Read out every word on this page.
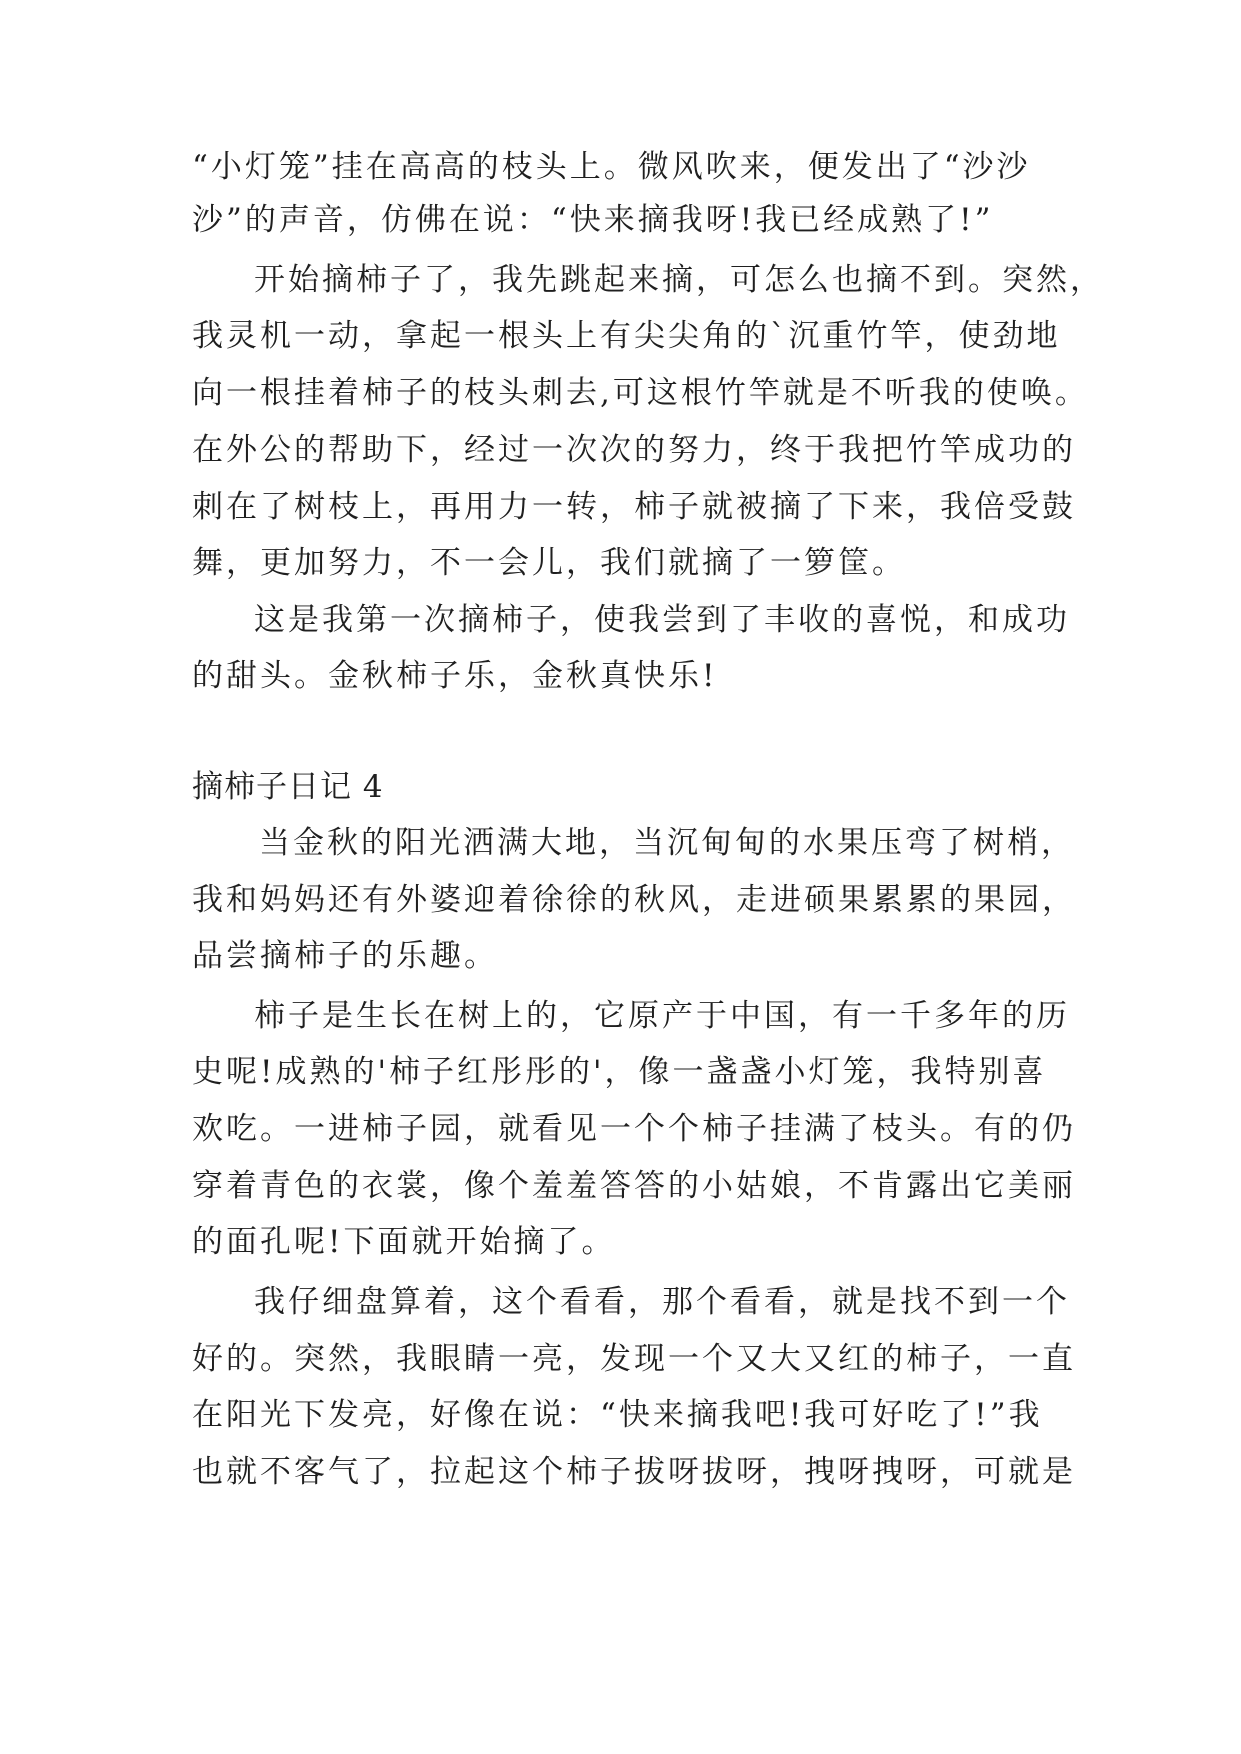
“小灯笼”挂在高高的枝头上。微风吹来，便发出了“沙沙
沙”的声音，仿佛在说：“快来摘我呀!我已经成熟了!”
开始摘柿子了，我先跳起来摘，可怎么也摘不到。突然，
我灵机一动，拿起一根头上有尖尖角的`沉重竹竿，使劲地
向一根挂着柿子的枝头刺去,可这根竹竿就是不听我的使唤。
在外公的帮助下，经过一次次的努力，终于我把竹竿成功的
刺在了树枝上，再用力一转，柿子就被摘了下来，我倍受鼓
舞，更加努力，不一会儿，我们就摘了一箩筐。
这是我第一次摘柿子，使我尝到了丰收的喜悦，和成功
的甜头。金秋柿子乐，金秋真快乐!
摘柿子日记 4
当金秋的阳光洒满大地，当沉甸甸的水果压弯了树梢，
我和妈妈还有外婆迎着徐徐的秋风，走进硕果累累的果园，
品尝摘柿子的乐趣。
柿子是生长在树上的，它原产于中国，有一千多年的历
史呢!成熟的'柿子红彤彤的'，像一盏盏小灯笼，我特别喜
欢吃。一进柿子园，就看见一个个柿子挂满了枝头。有的仍
穿着青色的衣裳，像个羞羞答答的小姑娘，不肯露出它美丽
的面孔呢!下面就开始摘了。
我仔细盘算着，这个看看，那个看看，就是找不到一个
好的。突然，我眼睛一亮，发现一个又大又红的柿子，一直
在阳光下发亮，好像在说：“快来摘我吧!我可好吃了!”我
也就不客气了，拉起这个柿子拔呀拔呀，拽呀拽呀，可就是
